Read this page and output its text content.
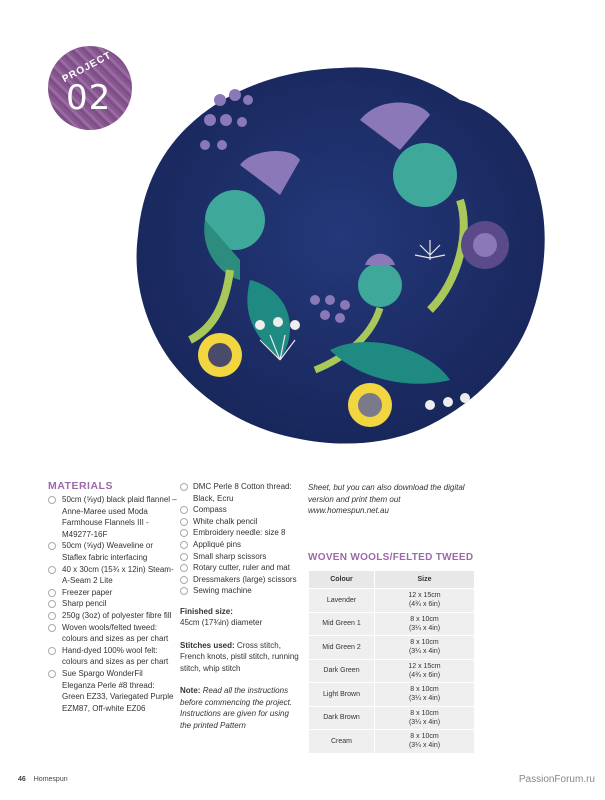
PROJECT
02
MATERIALS
50cm (⅝yd) black plaid flannel – Anne-Maree used Moda Farmhouse Flannels III - M49277-16F
50cm (⅝yd) Weaveline or Staflex fabric interfacing
40 x 30cm (15¾ x 12in) Steam-A-Seam 2 Lite
Freezer paper
Sharp pencil
250g (3oz) of polyester fibre fill
Woven wools/felted tweed: colours and sizes as per chart
Hand-dyed 100% wool felt: colours and sizes as per chart
Sue Spargo WonderFil Eleganza Perle #8 thread: Green EZ33, Variegated Purple EZM87, Off-white EZ06
DMC Perle 8 Cotton thread: Black, Ecru
Compass
White chalk pencil
Embroidery needle: size 8
Appliqué pins
Small sharp scissors
Rotary cutter, ruler and mat
Dressmakers (large) scissors
Sewing machine
Finished size:
45cm (17¾in) diameter
Stitches used: Cross stitch, French knots, pistil stitch, running stitch, whip stitch
Note: Read all the instructions before commencing the project. Instructions are given for using the printed Pattern
Sheet, but you can also download the digital version and print them out www.homespun.net.au
WOVEN WOOLS/FELTED TWEED
Colour	Size
Lavender	12 x 15cm
(4¾ x 6in)

Mid Green 1	8 x 10cm
(3¼ x 4in)

Mid Green 2	8 x 10cm
(3¼ x 4in)

Dark Green	12 x 15cm
(4¾ x 6in)

Light Brown	8 x 10cm
(3¼ x 4in)

Dark Brown	8 x 10cm
(3¼ x 4in)

Cream	8 x 10cm
(3¼ x 4in)
46 Homespun	PassionForum.ru
